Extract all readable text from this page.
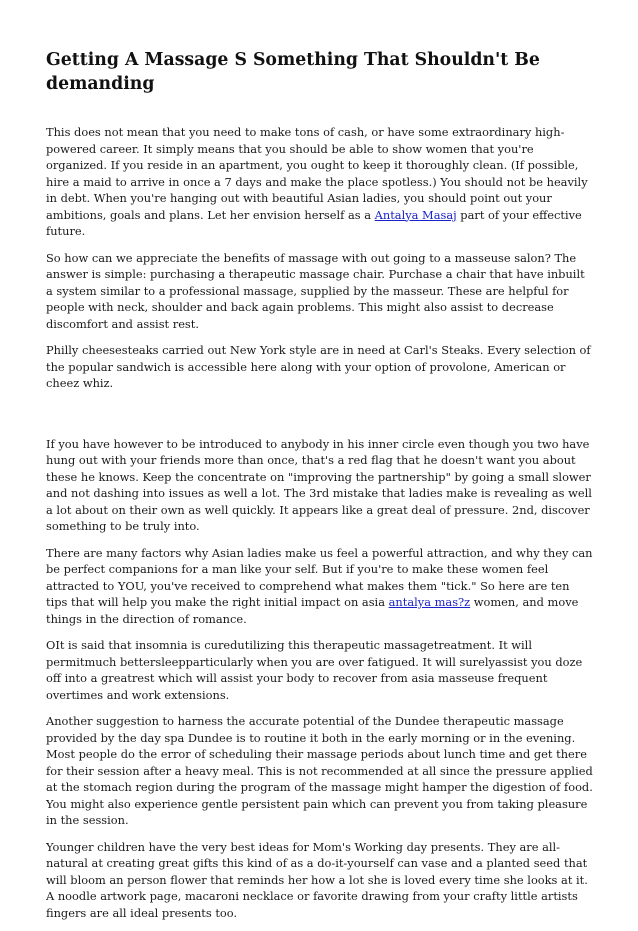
Getting A Massage S Something That Shouldn't Be demanding

This does not mean that you need to make tons of cash, or have some extraordinary high-powered career. It simply means that you should be able to show women that you're organized. If you reside in an apartment, you ought to keep it thoroughly clean. (If possible, hire a maid to arrive in once a 7 days and make the place spotless.) You should not be heavily in debt. When you're hanging out with beautiful Asian ladies, you should point out your ambitions, goals and plans. Let her envision herself as a Antalya Masaj part of your effective future.

So how can we appreciate the benefits of massage with out going to a masseuse salon? The answer is simple: purchasing a therapeutic massage chair. Purchase a chair that have inbuilt a system similar to a professional massage, supplied by the masseur. These are helpful for people with neck, shoulder and back again problems. This might also assist to decrease discomfort and assist rest.

Philly cheesesteaks carried out New York style are in need at Carl's Steaks. Every selection of the popular sandwich is accessible here along with your option of provolone, American or cheez whiz.

If you have however to be introduced to anybody in his inner circle even though you two have hung out with your friends more than once, that's a red flag that he doesn't want you about these he knows. Keep the concentrate on "improving the partnership" by going a small slower and not dashing into issues as well a lot. The 3rd mistake that ladies make is revealing as well a lot about on their own as well quickly. It appears like a great deal of pressure. 2nd, discover something to be truly into.

There are many factors why Asian ladies make us feel a powerful attraction, and why they can be perfect companions for a man like your self. But if you're to make these women feel attracted to YOU, you've received to comprehend what makes them "tick." So here are ten tips that will help you make the right initial impact on asia antalya mas?z women, and move things in the direction of romance.

OIt is said that insomnia is curedutilizing this therapeutic massagetreatment. It will permitmuch bettersleepparticularly when you are over fatigued. It will surelyassist you doze off into a greatrest which will assist your body to recover from asia masseuse frequent overtimes and work extensions.

Another suggestion to harness the accurate potential of the Dundee therapeutic massage provided by the day spa Dundee is to routine it both in the early morning or in the evening. Most people do the error of scheduling their massage periods about lunch time and get there for their session after a heavy meal. This is not recommended at all since the pressure applied at the stomach region during the program of the massage might hamper the digestion of food. You might also experience gentle persistent pain which can prevent you from taking pleasure in the session.

Younger children have the very best ideas for Mom's Working day presents. They are all-natural at creating great gifts this kind of as a do-it-yourself can vase and a planted seed that will bloom an person flower that reminds her how a lot she is loved every time she looks at it. A noodle artwork page, macaroni necklace or favorite drawing from your crafty little artists fingers are all ideal presents too.
